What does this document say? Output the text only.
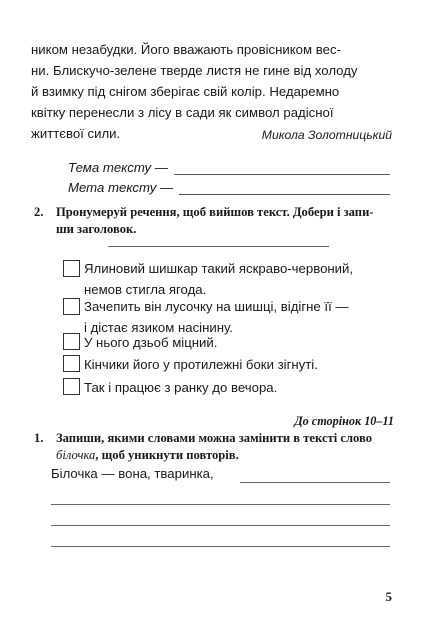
ником незабудки. Його вважають провісником вес-
ни. Блискучо-зелене тверде листя не гине від холоду
й взимку під снігом зберігає свій колір. Недаремно
квітку перенесли з лісу в сади як символ радісної
життєвої сили.	Микола Золотницький
Тема тексту —
Мета тексту —
2. Пронумеруй речення, щоб вийшов текст. Добери і запи-
ши заголовок.
Ялиновий шишкар такий яскраво-червоний,
немов стигла ягода.
Зачепить він лусочку на шишці, відігне її —
і дістає язиком насінину.
У нього дзьоб міцний.
Кінчики його у протилежні боки зігнуті.
Так і працює з ранку до вечора.
До сторінок 10–11
1. Запиши, якими словами можна замінити в тексті слово
білочка, щоб уникнути повторів.
Білочка — вона, тваринка,
5
